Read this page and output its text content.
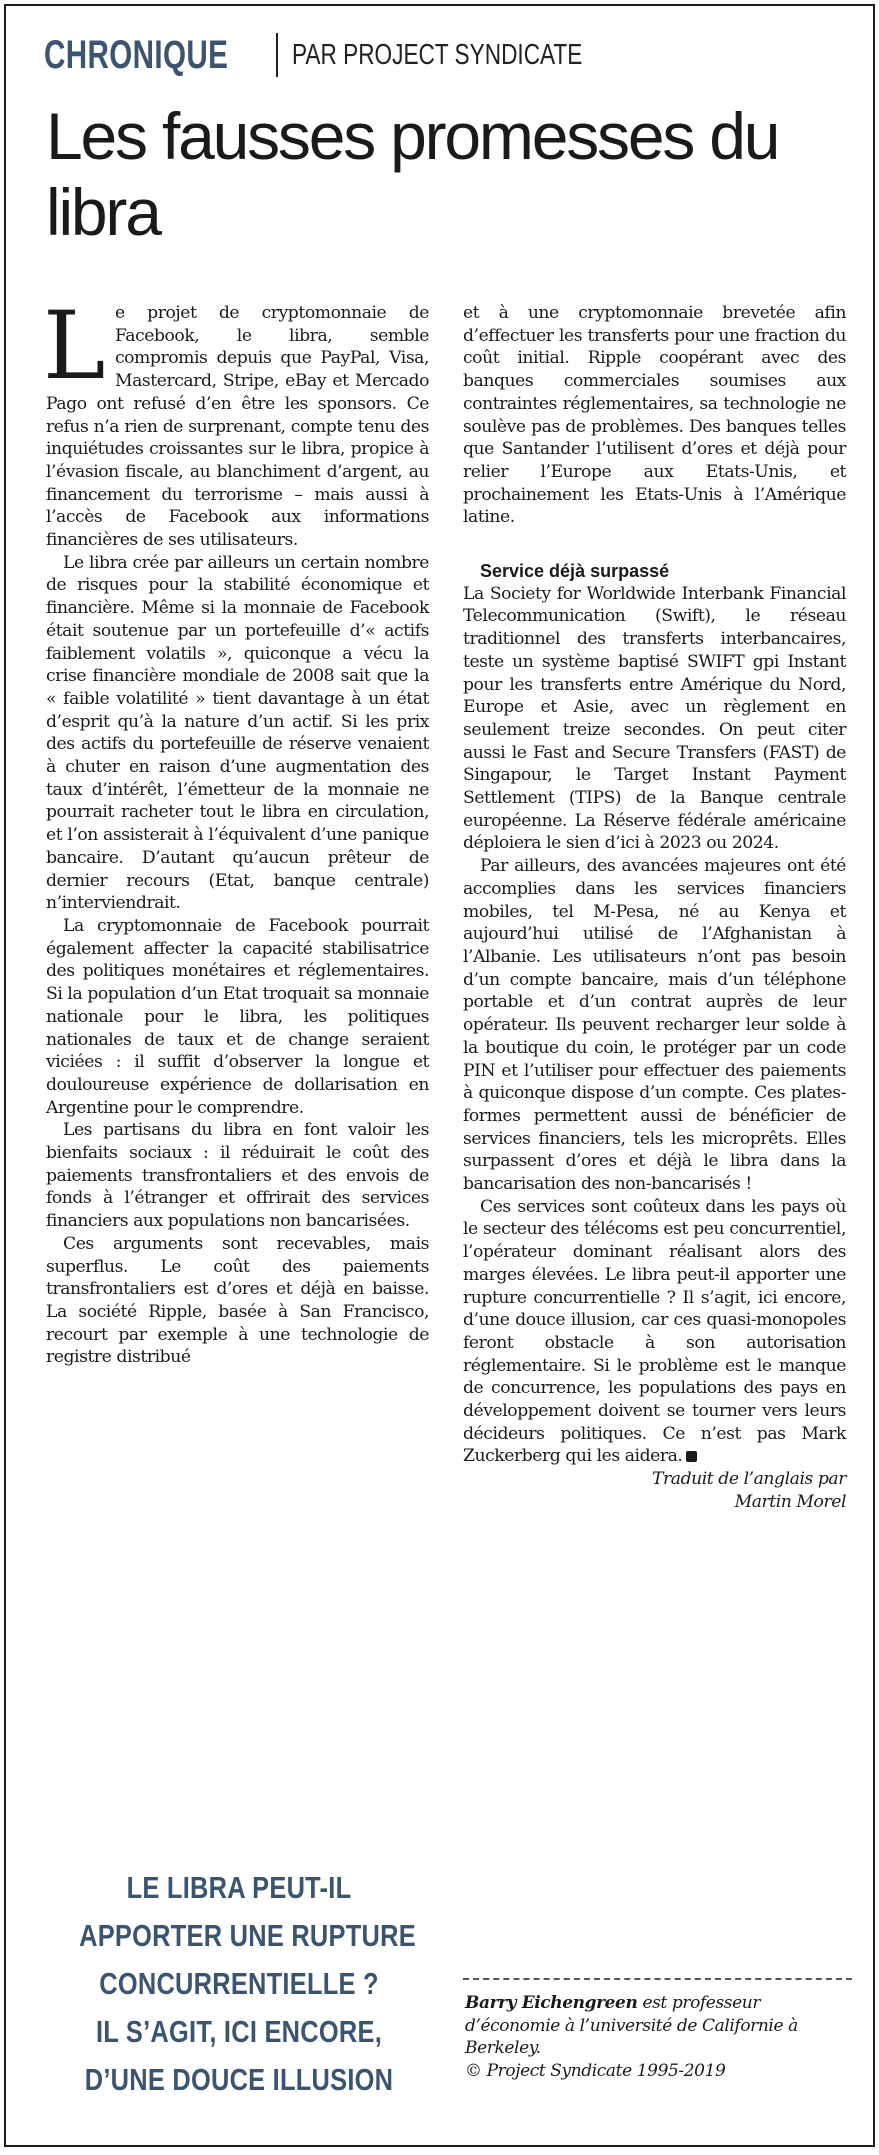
CHRONIQUE PAR PROJECT SYNDICATE
Les fausses promesses du libra

Le projet de cryptomonnaie de Facebook, le libra, semble compromis depuis que PayPal, Visa, Mastercard, Stripe, eBay et Mercado Pago ont refusé d’en être les sponsors. Ce refus n’a rien de surprenant, compte tenu des inquiétudes croissantes sur le libra, propice à l’évasion fiscale, au blanchiment d’argent, au financement du terrorisme – mais aussi à l’accès de Facebook aux informations financières de ses utilisateurs.

Le libra crée par ailleurs un certain nombre de risques pour la stabilité économique et financière. Même si la monnaie de Facebook était soutenue par un portefeuille d’« actifs faiblement volatils », quiconque a vécu la crise financière mondiale de 2008 sait que la « faible volatilité » tient davantage à un état d’esprit qu’à la nature d’un actif. Si les prix des actifs du portefeuille de réserve venaient à chuter en raison d’une augmentation des taux d’intérêt, l’émetteur de la monnaie ne pourrait racheter tout le libra en circulation, et l’on assisterait à l’équivalent d’une panique bancaire. D’autant qu’aucun prêteur de dernier recours (Etat, banque centrale) n’interviendrait.

La cryptomonnaie de Facebook pourrait également affecter la capacité stabilisatrice des politiques monétaires et réglementaires. Si la population d’un Etat troquait sa monnaie nationale pour le libra, les politiques nationales de taux et de change seraient viciées : il suffit d’observer la longue et douloureuse expérience de dollarisation en Argentine pour le comprendre.

Les partisans du libra en font valoir les bienfaits sociaux : il réduirait le coût des paiements transfrontaliers et des envois de fonds à l’étranger et offrirait des services financiers aux populations non bancarisées.

Ces arguments sont recevables, mais superflus. Le coût des paiements transfrontaliers est d’ores et déjà en baisse. La société Ripple, basée à San Francisco, recourt par exemple à une technologie de registre distribué

et à une cryptomonnaie brevetée afin d’effectuer les transferts pour une fraction du coût initial. Ripple coopérant avec des banques commerciales soumises aux contraintes réglementaires, sa technologie ne soulève pas de problèmes. Des banques telles que Santander l’utilisent d’ores et déjà pour relier l’Europe aux Etats-Unis, et prochainement les Etats-Unis à l’Amérique latine.

Service déjà surpassé

La Society for Worldwide Interbank Financial Telecommunication (Swift), le réseau traditionnel des transferts interbancaires, teste un système baptisé SWIFT gpi Instant pour les transferts entre Amérique du Nord, Europe et Asie, avec un règlement en seulement treize secondes. On peut citer aussi le Fast and Secure Transfers (FAST) de Singapour, le Target Instant Payment Settlement (TIPS) de la Banque centrale européenne. La Réserve fédérale américaine déploiera le sien d’ici à 2023 ou 2024.

Par ailleurs, des avancées majeures ont été accomplies dans les services financiers mobiles, tel M-Pesa, né au Kenya et aujourd’hui utilisé de l’Afghanistan à l’Albanie. Les utilisateurs n’ont pas besoin d’un compte bancaire, mais d’un téléphone portable et d’un contrat auprès de leur opérateur. Ils peuvent recharger leur solde à la boutique du coin, le protéger par un code PIN et l’utiliser pour effectuer des paiements à quiconque dispose d’un compte. Ces plates-formes permettent aussi de bénéficier de services financiers, tels les microprêts. Elles surpassent d’ores et déjà le libra dans la bancarisation des non-bancarisés !

Ces services sont coûteux dans les pays où le secteur des télécoms est peu concurrentiel, l’opérateur dominant réalisant alors des marges élevées. Le libra peut-il apporter une rupture concurrentielle ? Il s’agit, ici encore, d’une douce illusion, car ces quasi-monopoles feront obstacle à son autorisation réglementaire. Si le problème est le manque de concurrence, les populations des pays en développement doivent se tourner vers leurs décideurs politiques. Ce n’est pas Mark Zuckerberg qui les aidera.

Traduit de l’anglais par
Martin Morel

Barry Eichengreen est professeur d’économie à l’université de Californie à Berkeley.
© Project Syndicate 1995-2019

LE LIBRA PEUT-IL
APPORTER UNE RUPTURE
CONCURRENTIELLE ?
IL S’AGIT, ICI ENCORE,
D’UNE DOUCE ILLUSION
